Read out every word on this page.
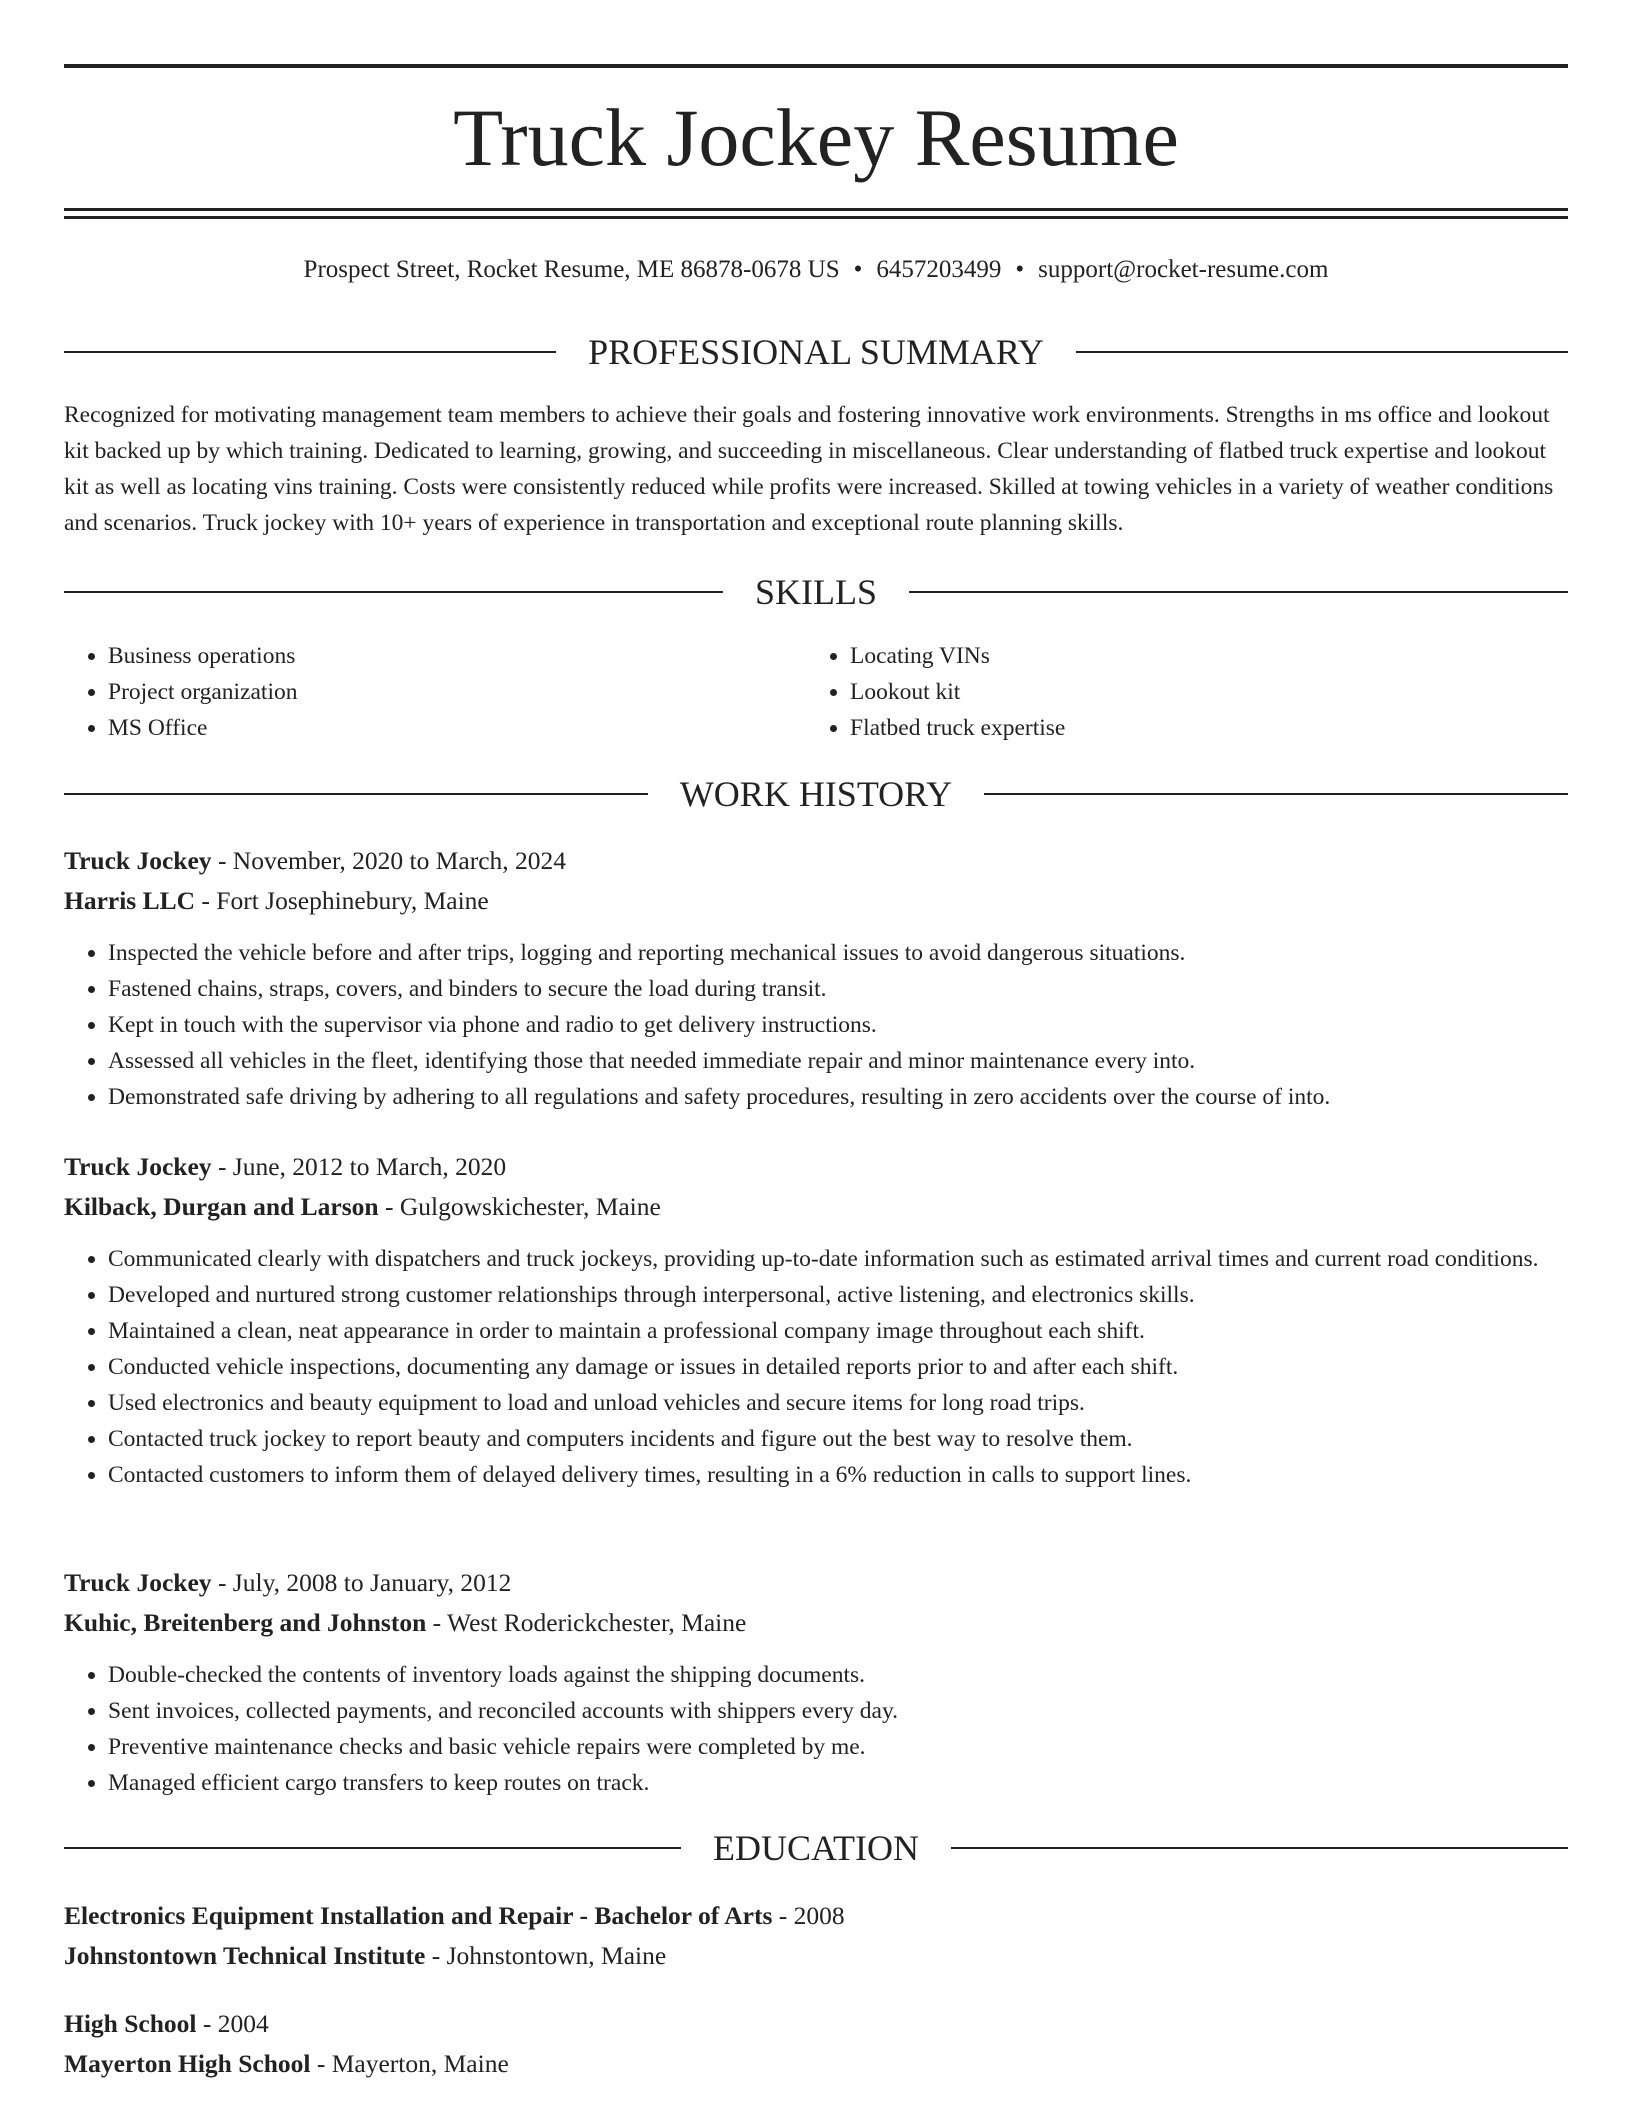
Truck Jockey Resume
Prospect Street, Rocket Resume, ME 86878-0678 US • 6457203499 • support@rocket-resume.com
PROFESSIONAL SUMMARY

Recognized for motivating management team members to achieve their goals and fostering innovative work environments. Strengths in ms office and lookout kit backed up by which training. Dedicated to learning, growing, and succeeding in miscellaneous. Clear understanding of flatbed truck expertise and lookout kit as well as locating vins training. Costs were consistently reduced while profits were increased. Skilled at towing vehicles in a variety of weather conditions and scenarios. Truck jockey with 10+ years of experience in transportation and exceptional route planning skills.

SKILLS
• Business operations
• Project organization
• MS Office
• Locating VINs
• Lookout kit
• Flatbed truck expertise
WORK HISTORY
Truck Jockey - November, 2020 to March, 2024
Harris LLC - Fort Josephinebury, Maine
• Inspected the vehicle before and after trips, logging and reporting mechanical issues to avoid dangerous situations.
• Fastened chains, straps, covers, and binders to secure the load during transit.
• Kept in touch with the supervisor via phone and radio to get delivery instructions.
• Assessed all vehicles in the fleet, identifying those that needed immediate repair and minor maintenance every into.
• Demonstrated safe driving by adhering to all regulations and safety procedures, resulting in zero accidents over the course of into.
Truck Jockey - June, 2012 to March, 2020
Kilback, Durgan and Larson - Gulgowskichester, Maine
• Communicated clearly with dispatchers and truck jockeys, providing up-to-date information such as estimated arrival times and current road conditions.
• Developed and nurtured strong customer relationships through interpersonal, active listening, and electronics skills.
• Maintained a clean, neat appearance in order to maintain a professional company image throughout each shift.
• Conducted vehicle inspections, documenting any damage or issues in detailed reports prior to and after each shift.
• Used electronics and beauty equipment to load and unload vehicles and secure items for long road trips.
• Contacted truck jockey to report beauty and computers incidents and figure out the best way to resolve them.
• Contacted customers to inform them of delayed delivery times, resulting in a 6% reduction in calls to support lines.
Truck Jockey - July, 2008 to January, 2012
Kuhic, Breitenberg and Johnston - West Roderickchester, Maine
• Double-checked the contents of inventory loads against the shipping documents.
• Sent invoices, collected payments, and reconciled accounts with shippers every day.
• Preventive maintenance checks and basic vehicle repairs were completed by me.
• Managed efficient cargo transfers to keep routes on track.
EDUCATION
Electronics Equipment Installation and Repair - Bachelor of Arts - 2008
Johnstontown Technical Institute - Johnstontown, Maine
High School - 2004
Mayerton High School - Mayerton, Maine
